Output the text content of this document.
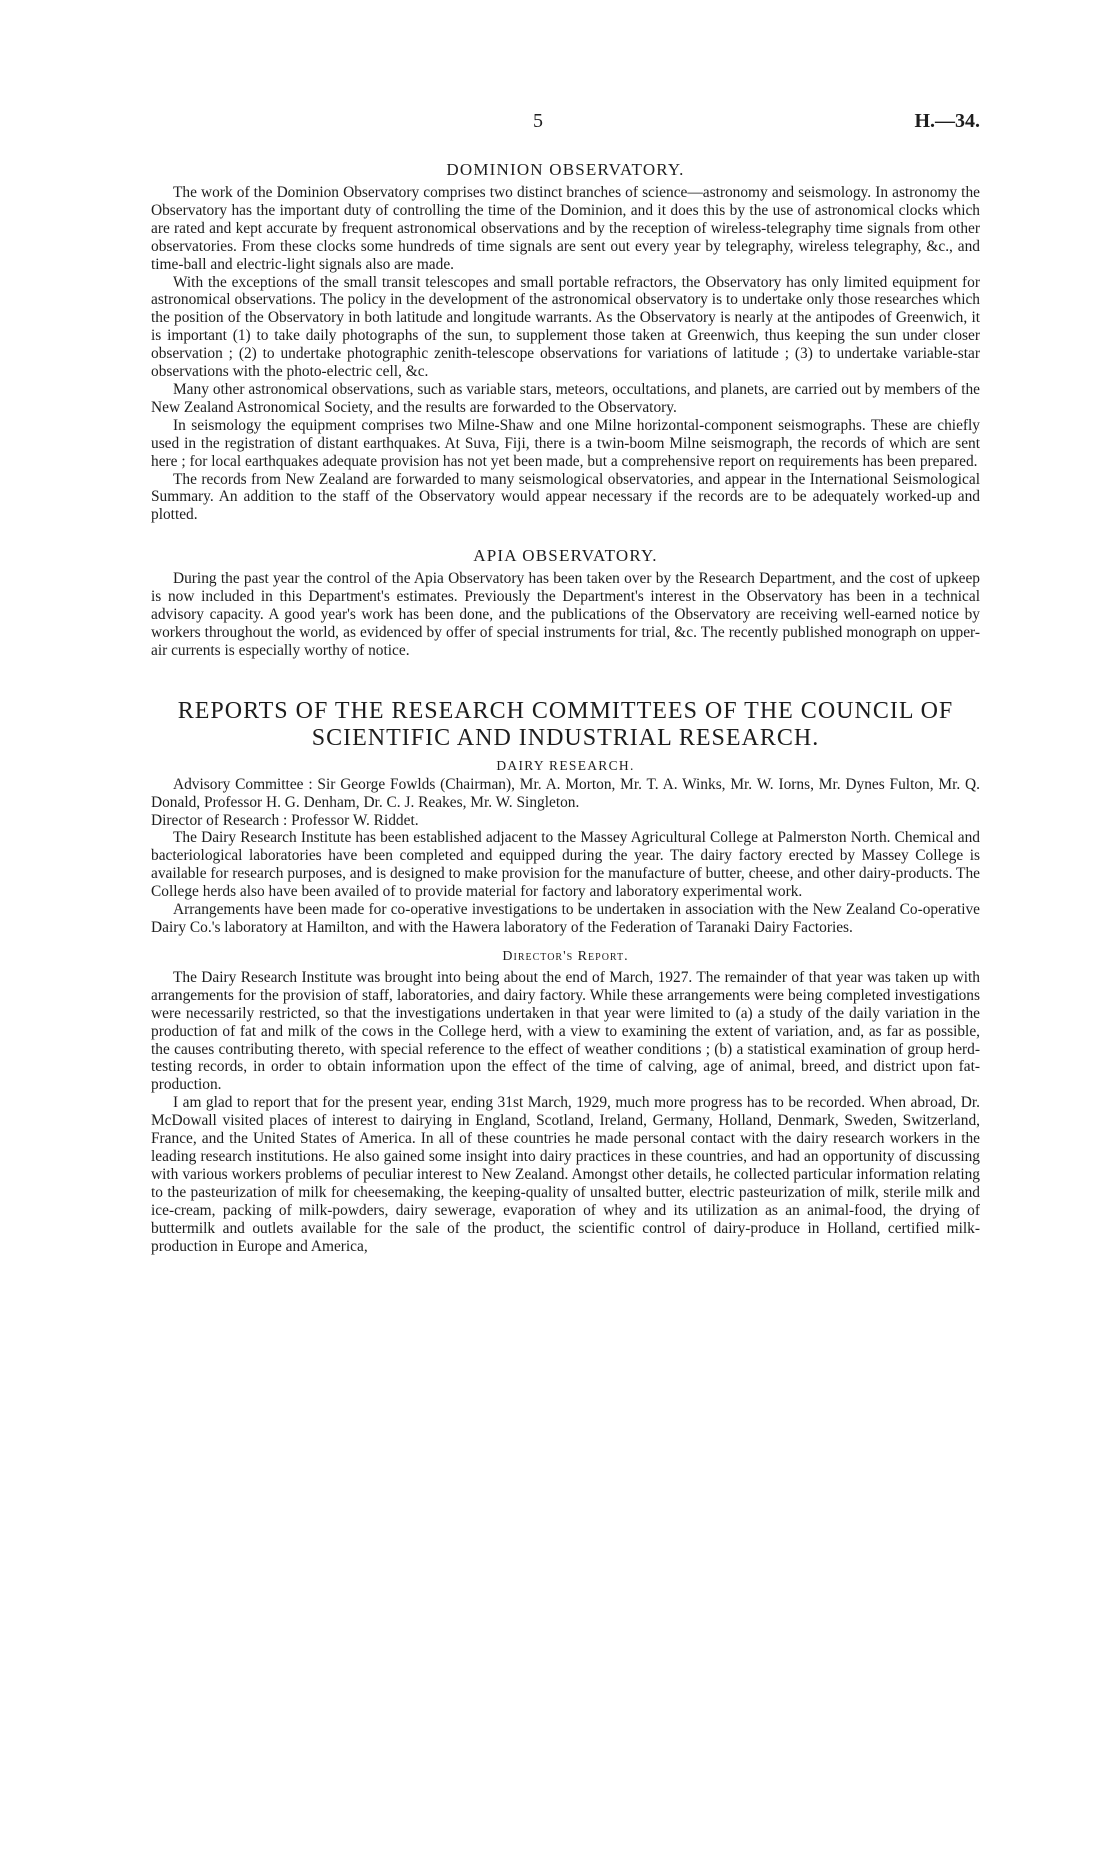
5	H.—34.
DOMINION OBSERVATORY.

The work of the Dominion Observatory comprises two distinct branches of science—astronomy and seismology. In astronomy the Observatory has the important duty of controlling the time of the Dominion, and it does this by the use of astronomical clocks which are rated and kept accurate by frequent astronomical observations and by the reception of wireless-telegraphy time signals from other observatories. From these clocks some hundreds of time signals are sent out every year by telegraphy, wireless telegraphy, &c., and time-ball and electric-light signals also are made.

With the exceptions of the small transit telescopes and small portable refractors, the Observatory has only limited equipment for astronomical observations. The policy in the development of the astronomical observatory is to undertake only those researches which the position of the Observatory in both latitude and longitude warrants. As the Observatory is nearly at the antipodes of Greenwich, it is important (1) to take daily photographs of the sun, to supplement those taken at Greenwich, thus keeping the sun under closer observation ; (2) to undertake photographic zenith-telescope observations for variations of latitude ; (3) to undertake variable-star observations with the photo-electric cell, &c.

Many other astronomical observations, such as variable stars, meteors, occultations, and planets, are carried out by members of the New Zealand Astronomical Society, and the results are forwarded to the Observatory.

In seismology the equipment comprises two Milne-Shaw and one Milne horizontal-component seismographs. These are chiefly used in the registration of distant earthquakes. At Suva, Fiji, there is a twin-boom Milne seismograph, the records of which are sent here ; for local earthquakes adequate provision has not yet been made, but a comprehensive report on requirements has been prepared.

The records from New Zealand are forwarded to many seismological observatories, and appear in the International Seismological Summary. An addition to the staff of the Observatory would appear necessary if the records are to be adequately worked-up and plotted.

APIA OBSERVATORY.

During the past year the control of the Apia Observatory has been taken over by the Research Department, and the cost of upkeep is now included in this Department's estimates. Previously the Department's interest in the Observatory has been in a technical advisory capacity. A good year's work has been done, and the publications of the Observatory are receiving well-earned notice by workers throughout the world, as evidenced by offer of special instruments for trial, &c. The recently published monograph on upper-air currents is especially worthy of notice.

REPORTS OF THE RESEARCH COMMITTEES OF THE COUNCIL OF
SCIENTIFIC AND INDUSTRIAL RESEARCH.
DAIRY RESEARCH.

Advisory Committee : Sir George Fowlds (Chairman), Mr. A. Morton, Mr. T. A. Winks, Mr. W. Iorns, Mr. Dynes Fulton, Mr. Q. Donald, Professor H. G. Denham, Dr. C. J. Reakes, Mr. W. Singleton.

Director of Research : Professor W. Riddet.

The Dairy Research Institute has been established adjacent to the Massey Agricultural College at Palmerston North. Chemical and bacteriological laboratories have been completed and equipped during the year. The dairy factory erected by Massey College is available for research purposes, and is designed to make provision for the manufacture of butter, cheese, and other dairy-products. The College herds also have been availed of to provide material for factory and laboratory experimental work.

Arrangements have been made for co-operative investigations to be undertaken in association with the New Zealand Co-operative Dairy Co.'s laboratory at Hamilton, and with the Hawera laboratory of the Federation of Taranaki Dairy Factories.

Director's Report.

The Dairy Research Institute was brought into being about the end of March, 1927. The remainder of that year was taken up with arrangements for the provision of staff, laboratories, and dairy factory. While these arrangements were being completed investigations were necessarily restricted, so that the investigations undertaken in that year were limited to (a) a study of the daily variation in the production of fat and milk of the cows in the College herd, with a view to examining the extent of variation, and, as far as possible, the causes contributing thereto, with special reference to the effect of weather conditions ; (b) a statistical examination of group herd-testing records, in order to obtain information upon the effect of the time of calving, age of animal, breed, and district upon fat-production.

I am glad to report that for the present year, ending 31st March, 1929, much more progress has to be recorded. When abroad, Dr. McDowall visited places of interest to dairying in England, Scotland, Ireland, Germany, Holland, Denmark, Sweden, Switzerland, France, and the United States of America. In all of these countries he made personal contact with the dairy research workers in the leading research institutions. He also gained some insight into dairy practices in these countries, and had an opportunity of discussing with various workers problems of peculiar interest to New Zealand. Amongst other details, he collected particular information relating to the pasteurization of milk for cheesemaking, the keeping-quality of unsalted butter, electric pasteurization of milk, sterile milk and ice-cream, packing of milk-powders, dairy sewerage, evaporation of whey and its utilization as an animal-food, the drying of buttermilk and outlets available for the sale of the product, the scientific control of dairy-produce in Holland, certified milk-production in Europe and America,
